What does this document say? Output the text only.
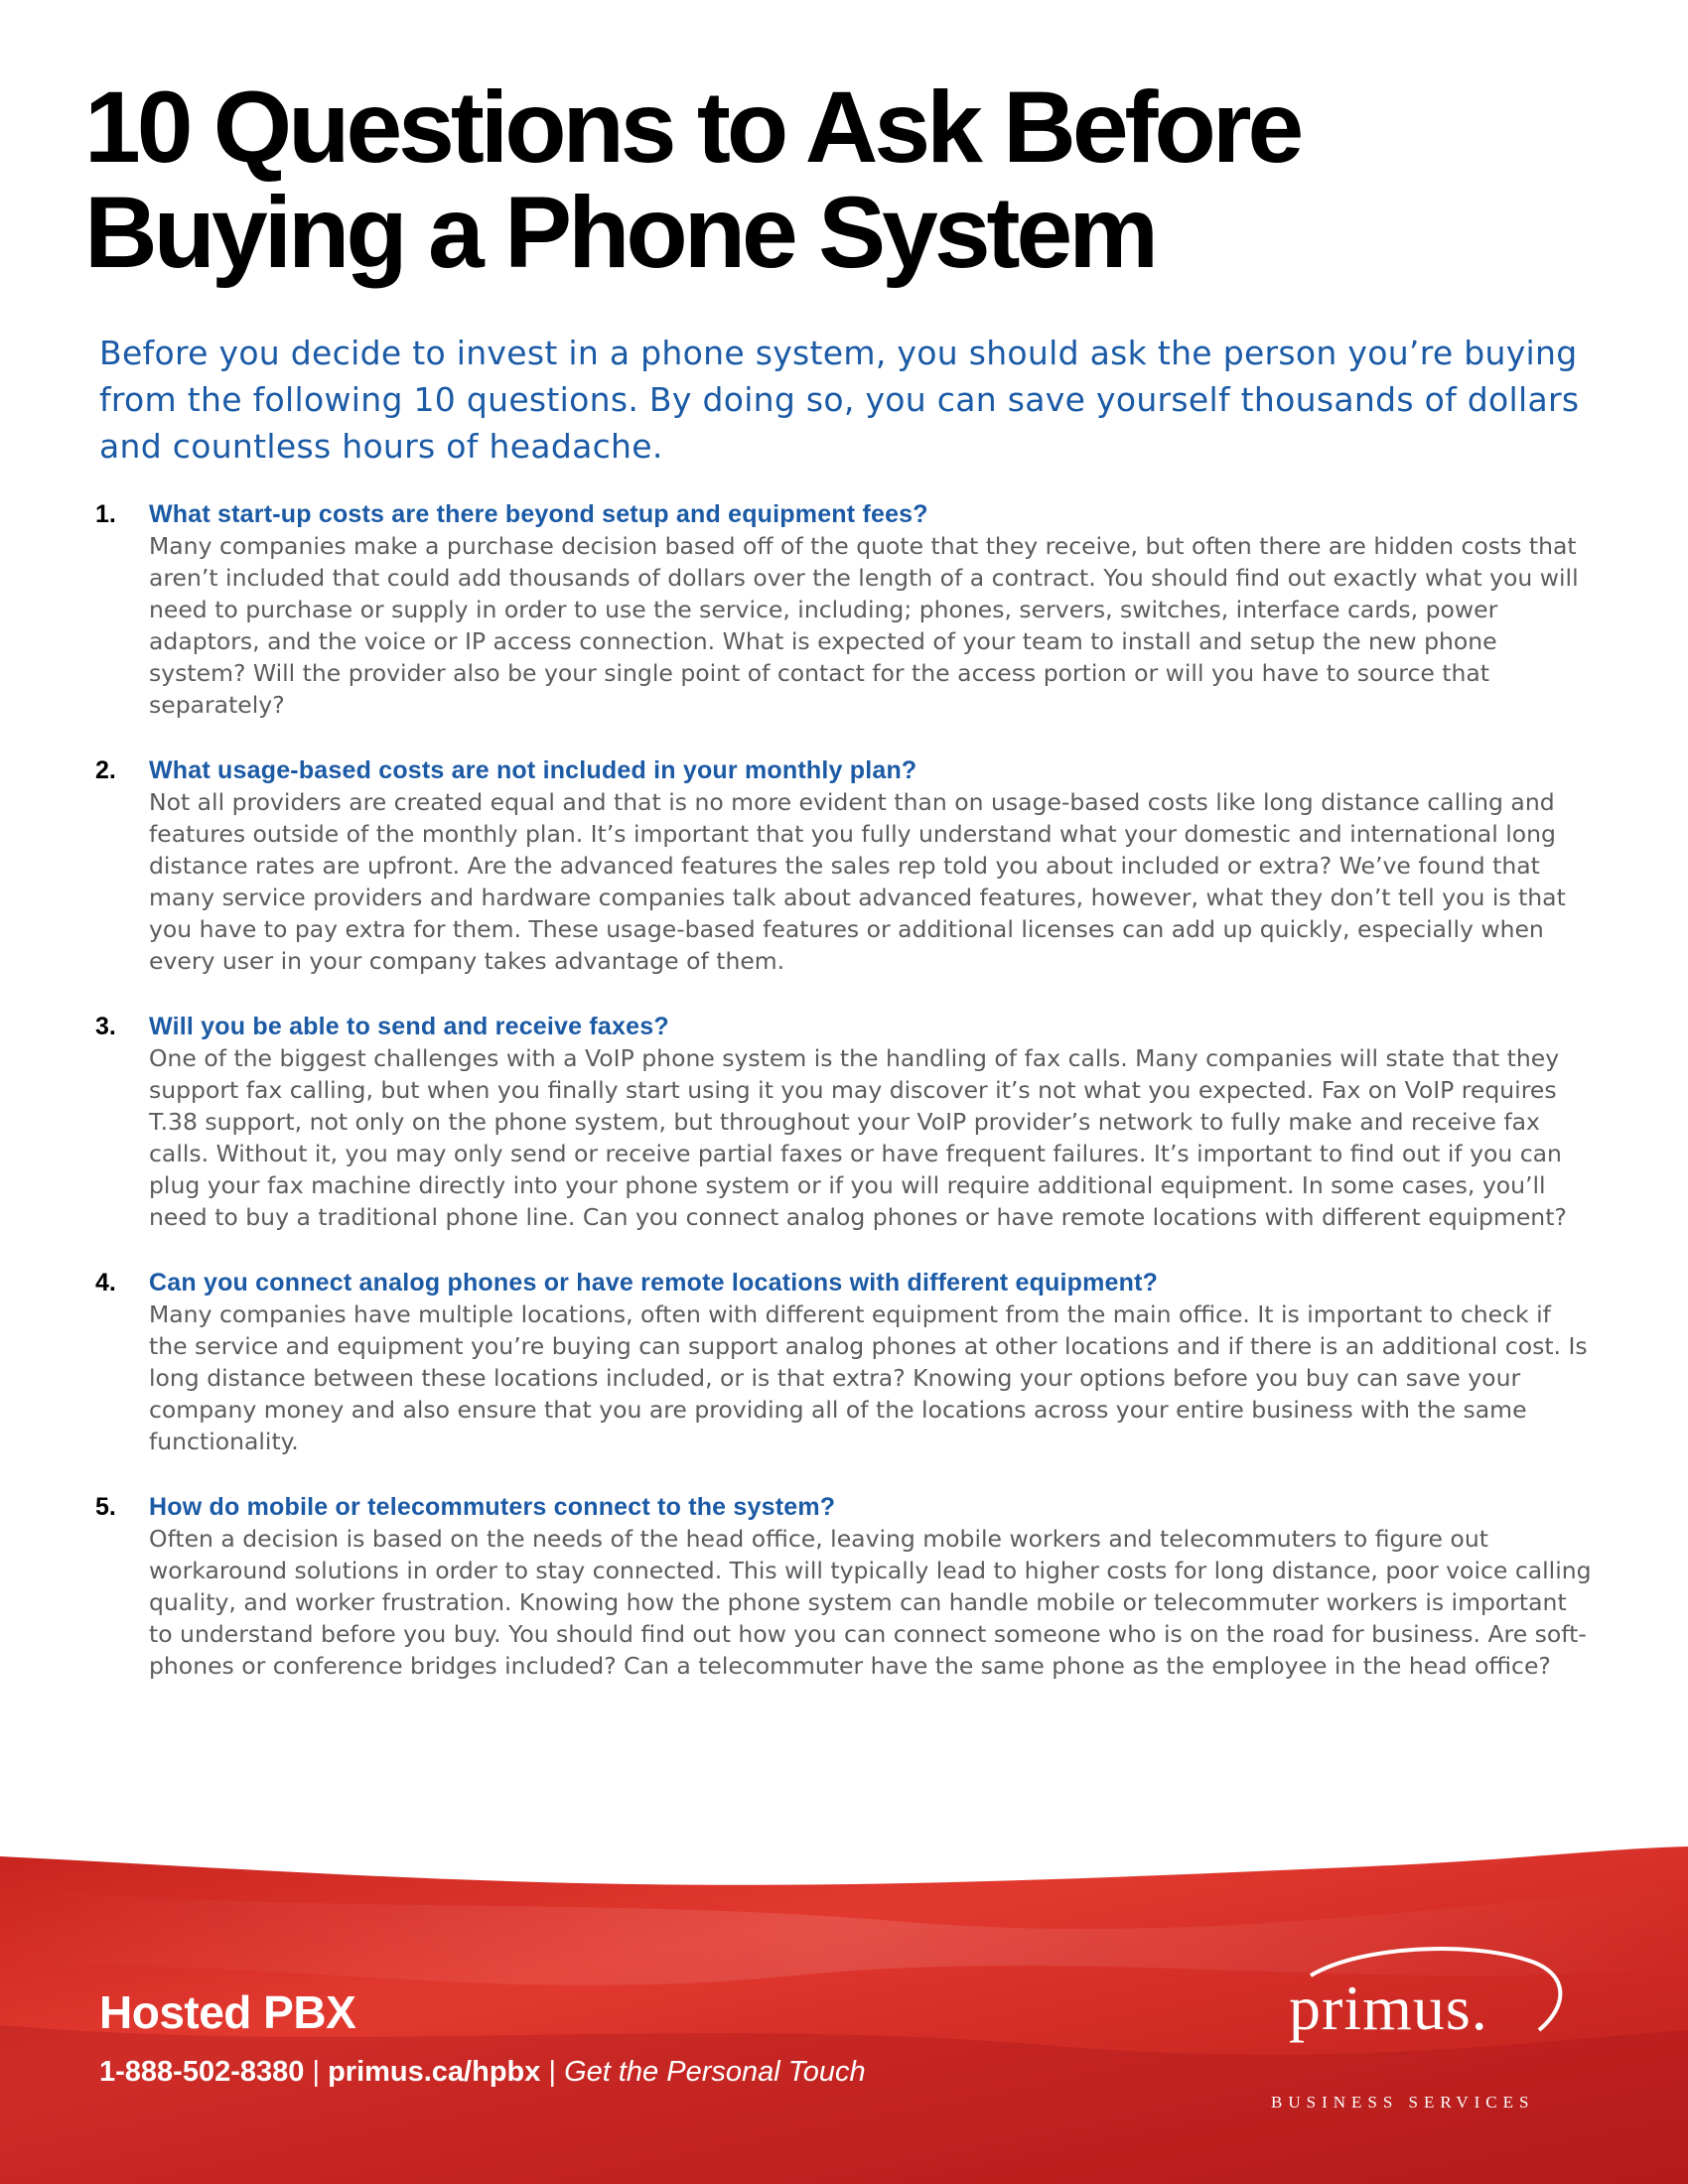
10 Questions to Ask Before
Buying a Phone System

Before you decide to invest in a phone system, you should ask the person you’re buying from the following 10 questions. By doing so, you can save yourself thousands of dollars and countless hours of headache.

1. What start-up costs are there beyond setup and equipment fees?

Many companies make a purchase decision based off of the quote that they receive, but often there are hidden costs that aren’t included that could add thousands of dollars over the length of a contract. You should find out exactly what you will need to purchase or supply in order to use the service, including; phones, servers, switches, interface cards, power adaptors, and the voice or IP access connection. What is expected of your team to install and setup the new phone system? Will the provider also be your single point of contact for the access portion or will you have to source that separately?

2. What usage-based costs are not included in your monthly plan?

Not all providers are created equal and that is no more evident than on usage-based costs like long distance calling and features outside of the monthly plan. It’s important that you fully understand what your domestic and international long distance rates are upfront. Are the advanced features the sales rep told you about included or extra? We’ve found that many service providers and hardware companies talk about advanced features, however, what they don’t tell you is that you have to pay extra for them. These usage-based features or additional licenses can add up quickly, especially when every user in your company takes advantage of them.

3. Will you be able to send and receive faxes?

One of the biggest challenges with a VoIP phone system is the handling of fax calls. Many companies will state that they support fax calling, but when you finally start using it you may discover it’s not what you expected. Fax on VoIP requires T.38 support, not only on the phone system, but throughout your VoIP provider’s network to fully make and receive fax calls. Without it, you may only send or receive partial faxes or have frequent failures. It’s important to find out if you can plug your fax machine directly into your phone system or if you will require additional equipment. In some cases, you’ll need to buy a traditional phone line. Can you connect analog phones or have remote locations with different equipment?

4. Can you connect analog phones or have remote locations with different equipment?

Many companies have multiple locations, often with different equipment from the main office. It is important to check if the service and equipment you’re buying can support analog phones at other locations and if there is an additional cost. Is long distance between these locations included, or is that extra? Knowing your options before you buy can save your company money and also ensure that you are providing all of the locations across your entire business with the same functionality.

5. How do mobile or telecommuters connect to the system?

Often a decision is based on the needs of the head office, leaving mobile workers and telecommuters to figure out workaround solutions in order to stay connected. This will typically lead to higher costs for long distance, poor voice calling quality, and worker frustration. Knowing how the phone system can handle mobile or telecommuter workers is important to understand before you buy. You should find out how you can connect someone who is on the road for business. Are soft-phones or conference bridges included? Can a telecommuter have the same phone as the employee in the head office?

primus.
BUSINESS SERVICES
Hosted PBX
1-888-502-8380 | primus.ca/hpbx | Get the Personal Touch
